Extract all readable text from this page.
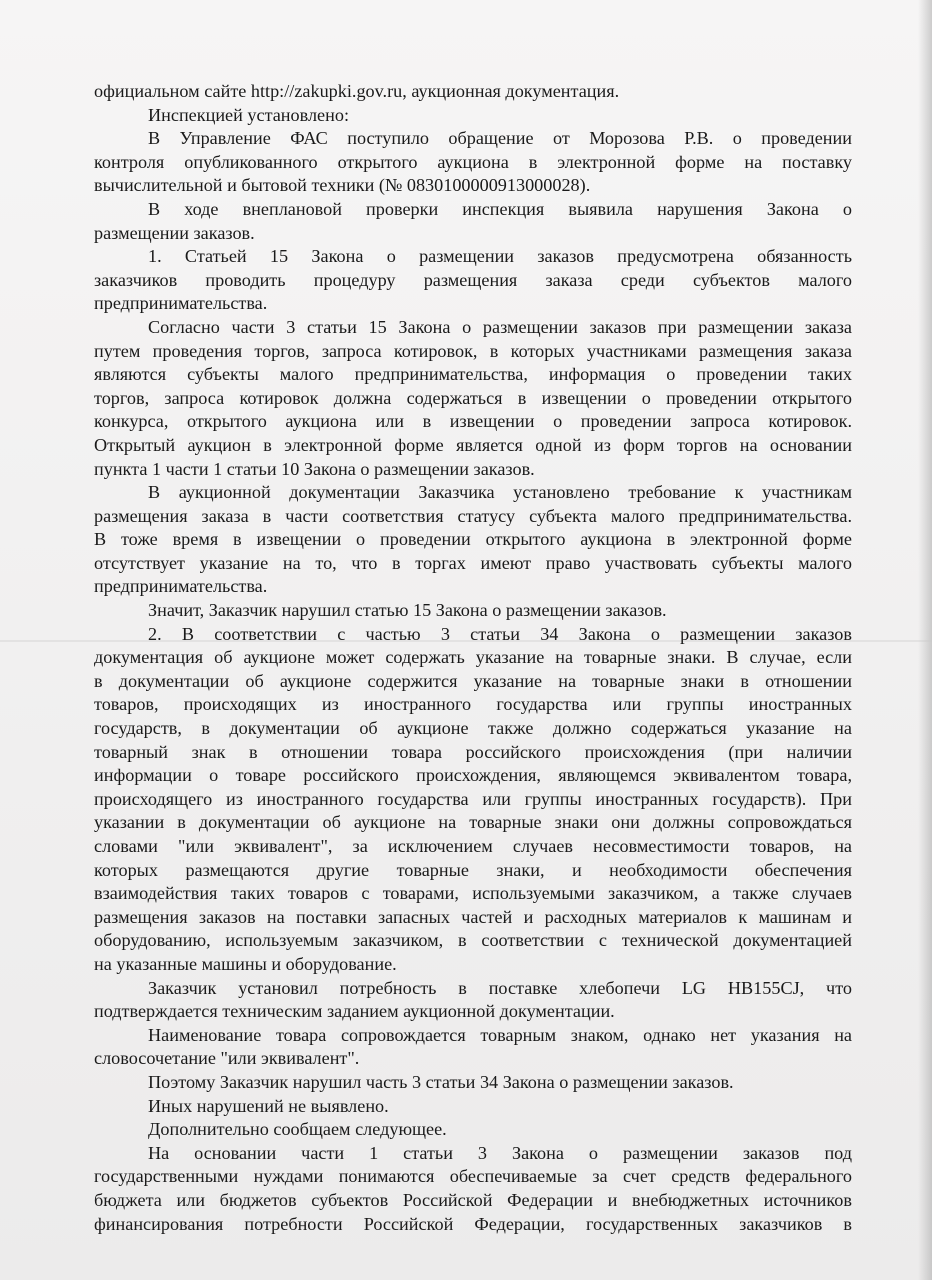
официальном сайте http://zakupki.gov.ru, аукционная документация.
Инспекцией установлено:
В Управление ФАС поступило обращение от Морозова Р.В. о проведении
контроля опубликованного открытого аукциона в электронной форме на поставку
вычислительной и бытовой техники (№ 0830100000913000028).
В ходе внеплановой проверки инспекция выявила нарушения Закона о
размещении заказов.
1. Статьей 15 Закона о размещении заказов предусмотрена обязанность
заказчиков проводить процедуру размещения заказа среди субъектов малого
предпринимательства.
Согласно части 3 статьи 15 Закона о размещении заказов при размещении заказа
путем проведения торгов, запроса котировок, в которых участниками размещения заказа
являются субъекты малого предпринимательства, информация о проведении таких
торгов, запроса котировок должна содержаться в извещении о проведении открытого
конкурса, открытого аукциона или в извещении о проведении запроса котировок.
Открытый аукцион в электронной форме является одной из форм торгов на основании
пункта 1 части 1 статьи 10 Закона о размещении заказов.
В аукционной документации Заказчика установлено требование к участникам
размещения заказа в части соответствия статусу субъекта малого предпринимательства.
В тоже время в извещении о проведении открытого аукциона в электронной форме
отсутствует указание на то, что в торгах имеют право участвовать субъекты малого
предпринимательства.
Значит, Заказчик нарушил статью 15 Закона о размещении заказов.
2. В соответствии с частью 3 статьи 34 Закона о размещении заказов
документация об аукционе может содержать указание на товарные знаки. В случае, если
в документации об аукционе содержится указание на товарные знаки в отношении
товаров, происходящих из иностранного государства или группы иностранных
государств, в документации об аукционе также должно содержаться указание на
товарный знак в отношении товара российского происхождения (при наличии
информации о товаре российского происхождения, являющемся эквивалентом товара,
происходящего из иностранного государства или группы иностранных государств). При
указании в документации об аукционе на товарные знаки они должны сопровождаться
словами "или эквивалент", за исключением случаев несовместимости товаров, на
которых размещаются другие товарные знаки, и необходимости обеспечения
взаимодействия таких товаров с товарами, используемыми заказчиком, а также случаев
размещения заказов на поставки запасных частей и расходных материалов к машинам и
оборудованию, используемым заказчиком, в соответствии с технической документацией
на указанные машины и оборудование.
Заказчик установил потребность в поставке хлебопечи LG HB155CJ, что
подтверждается техническим заданием аукционной документации.
Наименование товара сопровождается товарным знаком, однако нет указания на
словосочетание "или эквивалент".
Поэтому Заказчик нарушил часть 3 статьи 34 Закона о размещении заказов.
Иных нарушений не выявлено.
Дополнительно сообщаем следующее.
На основании части 1 статьи 3 Закона о размещении заказов под
государственными нуждами понимаются обеспечиваемые за счет средств федерального
бюджета или бюджетов субъектов Российской Федерации и внебюджетных источников
финансирования потребности Российской Федерации, государственных заказчиков в
